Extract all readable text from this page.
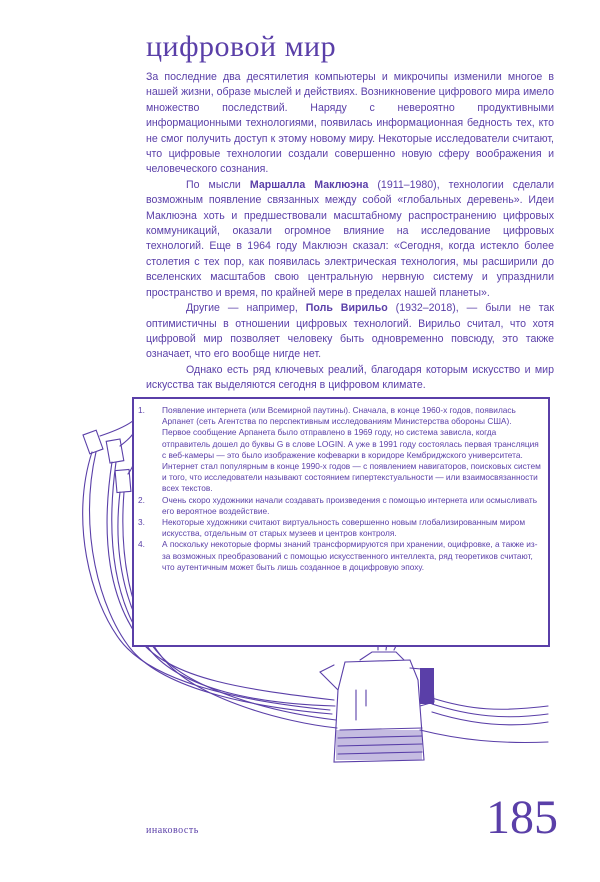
цифровой мир

За последние два десятилетия компьютеры и микрочипы изменили многое в нашей жизни, образе мыслей и действиях. Возникновение цифрового мира имело множество последствий. Наряду с невероятно продуктивными информационными технологиями, появилась информационная бедность тех, кто не смог получить доступ к этому новому миру. Некоторые исследователи считают, что цифровые технологии создали совершенно новую сферу воображения и человеческого сознания.

По мысли Маршалла Маклюэна (1911–1980), технологии сделали возможным появление связанных между собой «глобальных деревень». Идеи Маклюэна хоть и предшествовали масштабному распространению цифровых коммуникаций, оказали огромное влияние на исследование цифровых технологий. Еще в 1964 году Маклюэн сказал: «Сегодня, когда истекло более столетия с тех пор, как появилась электрическая технология, мы расширили до вселенских масштабов свою центральную нервную систему и упразднили пространство и время, по крайней мере в пределах нашей планеты».

Другие — например, Поль Вирильо (1932–2018), — были не так оптимистичны в отношении цифровых технологий. Вирильо считал, что хотя цифровой мир позволяет человеку быть одновременно повсюду, это также означает, что его вообще нигде нет.

Однако есть ряд ключевых реалий, благодаря которым искусство и мир искусства так выделяются сегодня в цифровом климате.

1. Появление интернета (или Всемирной паутины). Сначала, в конце 1960-х годов, появилась Арпанет (сеть Агентства по перспективным исследованиям Министерства обороны США). Первое сообщение Арпанета было отправлено в 1969 году, но система зависла, когда отправитель дошел до буквы G в слове LOGIN. А уже в 1991 году состоялась первая трансляция с веб-камеры — это было изображение кофеварки в коридоре Кембриджского университета. Интернет стал популярным в конце 1990-х годов — с появлением навигаторов, поисковых систем и того, что исследователи называют состоянием гипертекстуальности — или взаимосвязанности всех текстов.
2. Очень скоро художники начали создавать произведения с помощью интернета или осмысливать его вероятное воздействие.
3. Некоторые художники считают виртуальность совершенно новым глобализированным миром искусства, отдельным от старых музеев и центров контроля.
4. А поскольку некоторые формы знаний трансформируются при хранении, оцифровке, а также из-за возможных преобразований с помощью искусственного интеллекта, ряд теоретиков считают, что аутентичным может быть лишь созданное в доцифровую эпоху.
инаковость	185
